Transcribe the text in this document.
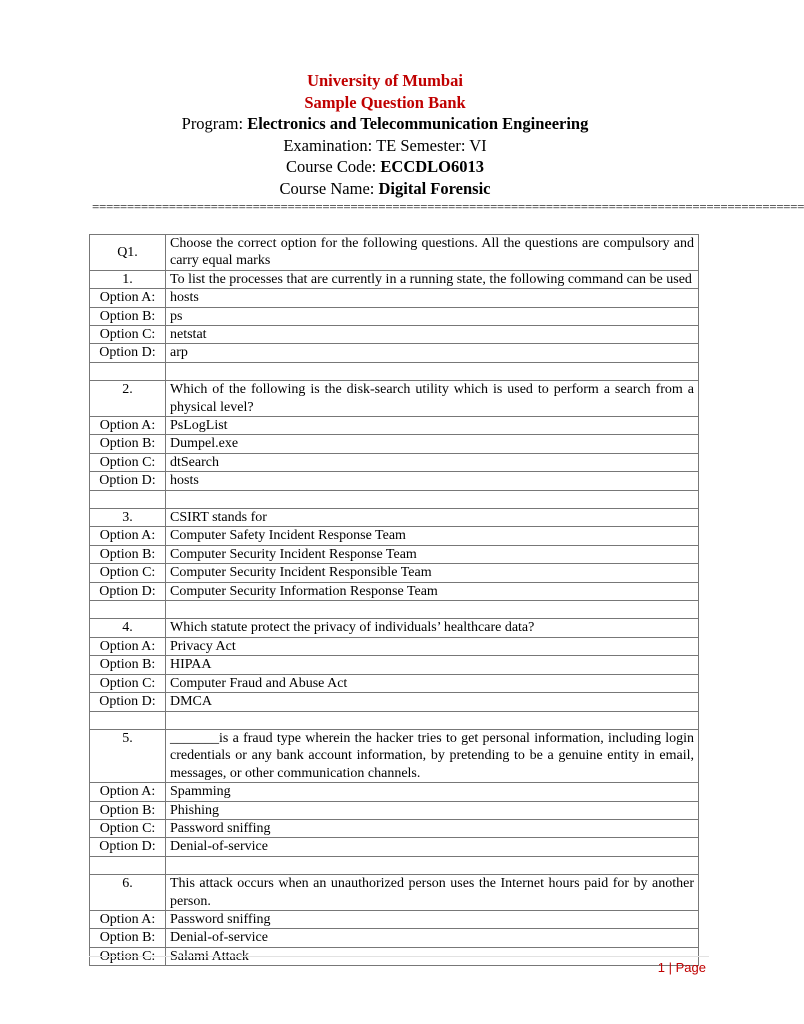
University of Mumbai
Sample Question Bank
Program: Electronics and Telecommunication Engineering
Examination: TE Semester: VI
Course Code: ECCDLO6013
Course Name: Digital Forensic
======================================================================================================
Q1.	Choose the correct option for the following questions. All the questions are compulsory and carry equal marks
1.	To list the processes that are currently in a running state, the following command can be used
Option A:	hosts
Option B:	ps
Option C:	netstat
Option D:	arp

2.	Which of the following is the disk-search utility which is used to perform a search from a physical level?
Option A:	PsLogList
Option B:	Dumpel.exe
Option C:	dtSearch
Option D:	hosts

3.	CSIRT stands for
Option A:	Computer Safety Incident Response Team
Option B:	Computer Security Incident Response Team
Option C:	Computer Security Incident Responsible Team
Option D:	Computer Security Information Response Team

4.	Which statute protect the privacy of individuals’ healthcare data?
Option A:	Privacy Act
Option B:	HIPAA
Option C:	Computer Fraud and Abuse Act
Option D:	DMCA

5.	_______is a fraud type wherein the hacker tries to get personal information, including login credentials or any bank account information, by pretending to be a genuine entity in email, messages, or other communication channels.
Option A:	Spamming
Option B:	Phishing
Option C:	Password sniffing
Option D:	Denial-of-service

6.	This attack occurs when an unauthorized person uses the Internet hours paid for by another person.
Option A:	Password sniffing
Option B:	Denial-of-service
Option C:	Salami Attack
1 | Page
